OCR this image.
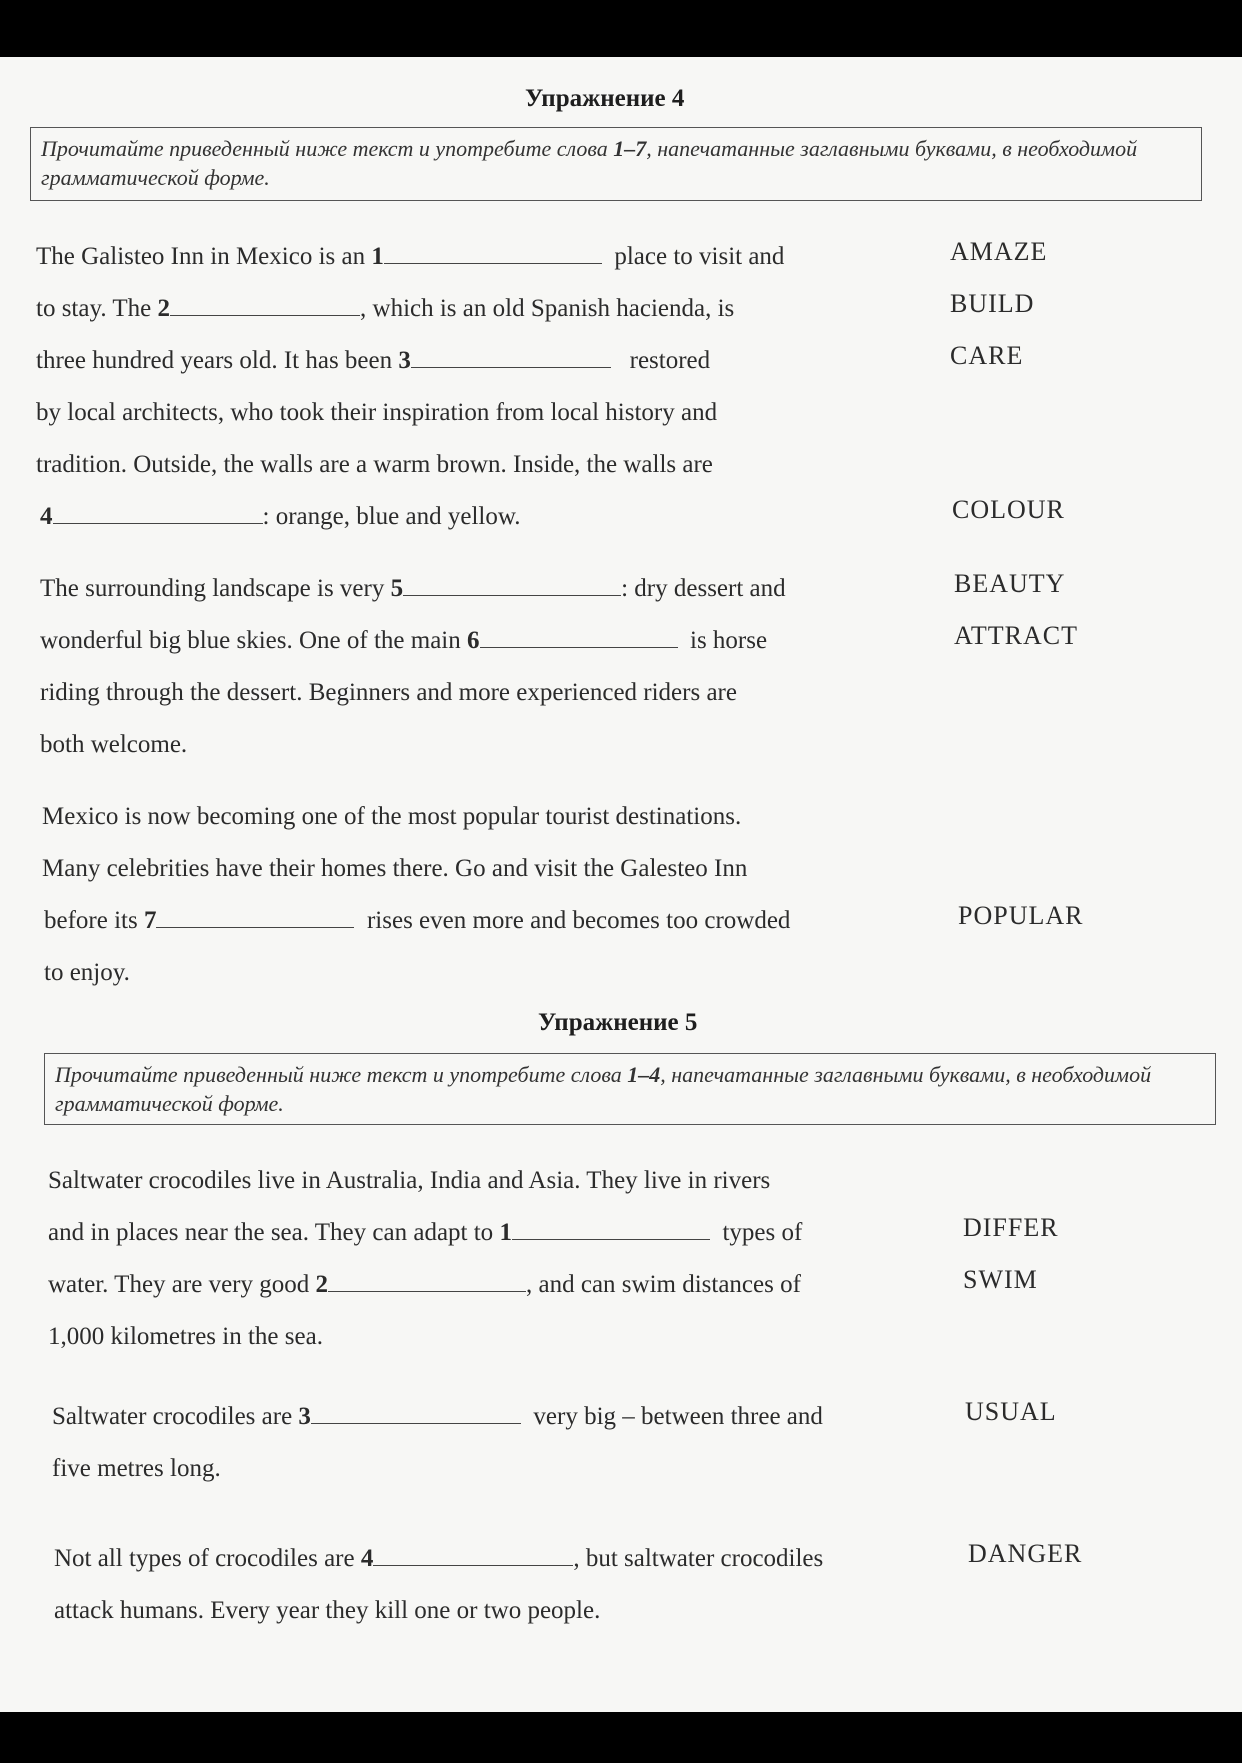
Упражнение 4
Прочитайте приведенный ниже текст и употребите слова 1–7, напечатанные заглавными буквами, в необходимой грамматической форме.
The Galisteo Inn in Mexico is an 1	place to visit and	AMAZE
to stay. The 2	, which is an old Spanish hacienda, is	BUILD
three hundred years old. It has been 3	restored	CARE
by local architects, who took their inspiration from local history and
tradition. Outside, the walls are a warm brown. Inside, the walls are
4	: orange, blue and yellow.	COLOUR
The surrounding landscape is very 5	: dry dessert and	BEAUTY
wonderful big blue skies. One of the main 6	is horse	ATTRACT
riding through the dessert. Beginners and more experienced riders are
both welcome.
Mexico is now becoming one of the most popular tourist destinations.
Many celebrities have their homes there. Go and visit the Galesteo Inn
before its 7	rises even more and becomes too crowded	POPULAR
to enjoy.
Упражнение 5
Прочитайте приведенный ниже текст и употребите слова 1–4, напечатанные заглавными буквами, в необходимой грамматической форме.
Saltwater crocodiles live in Australia, India and Asia. They live in rivers
and in places near the sea. They can adapt to 1	types of	DIFFER
water. They are very good 2	, and can swim distances of	SWIM
1,000 kilometres in the sea.
Saltwater crocodiles are 3	very big – between three and	USUAL
five metres long.
Not all types of crocodiles are 4	, but saltwater crocodiles	DANGER
attack humans. Every year they kill one or two people.
